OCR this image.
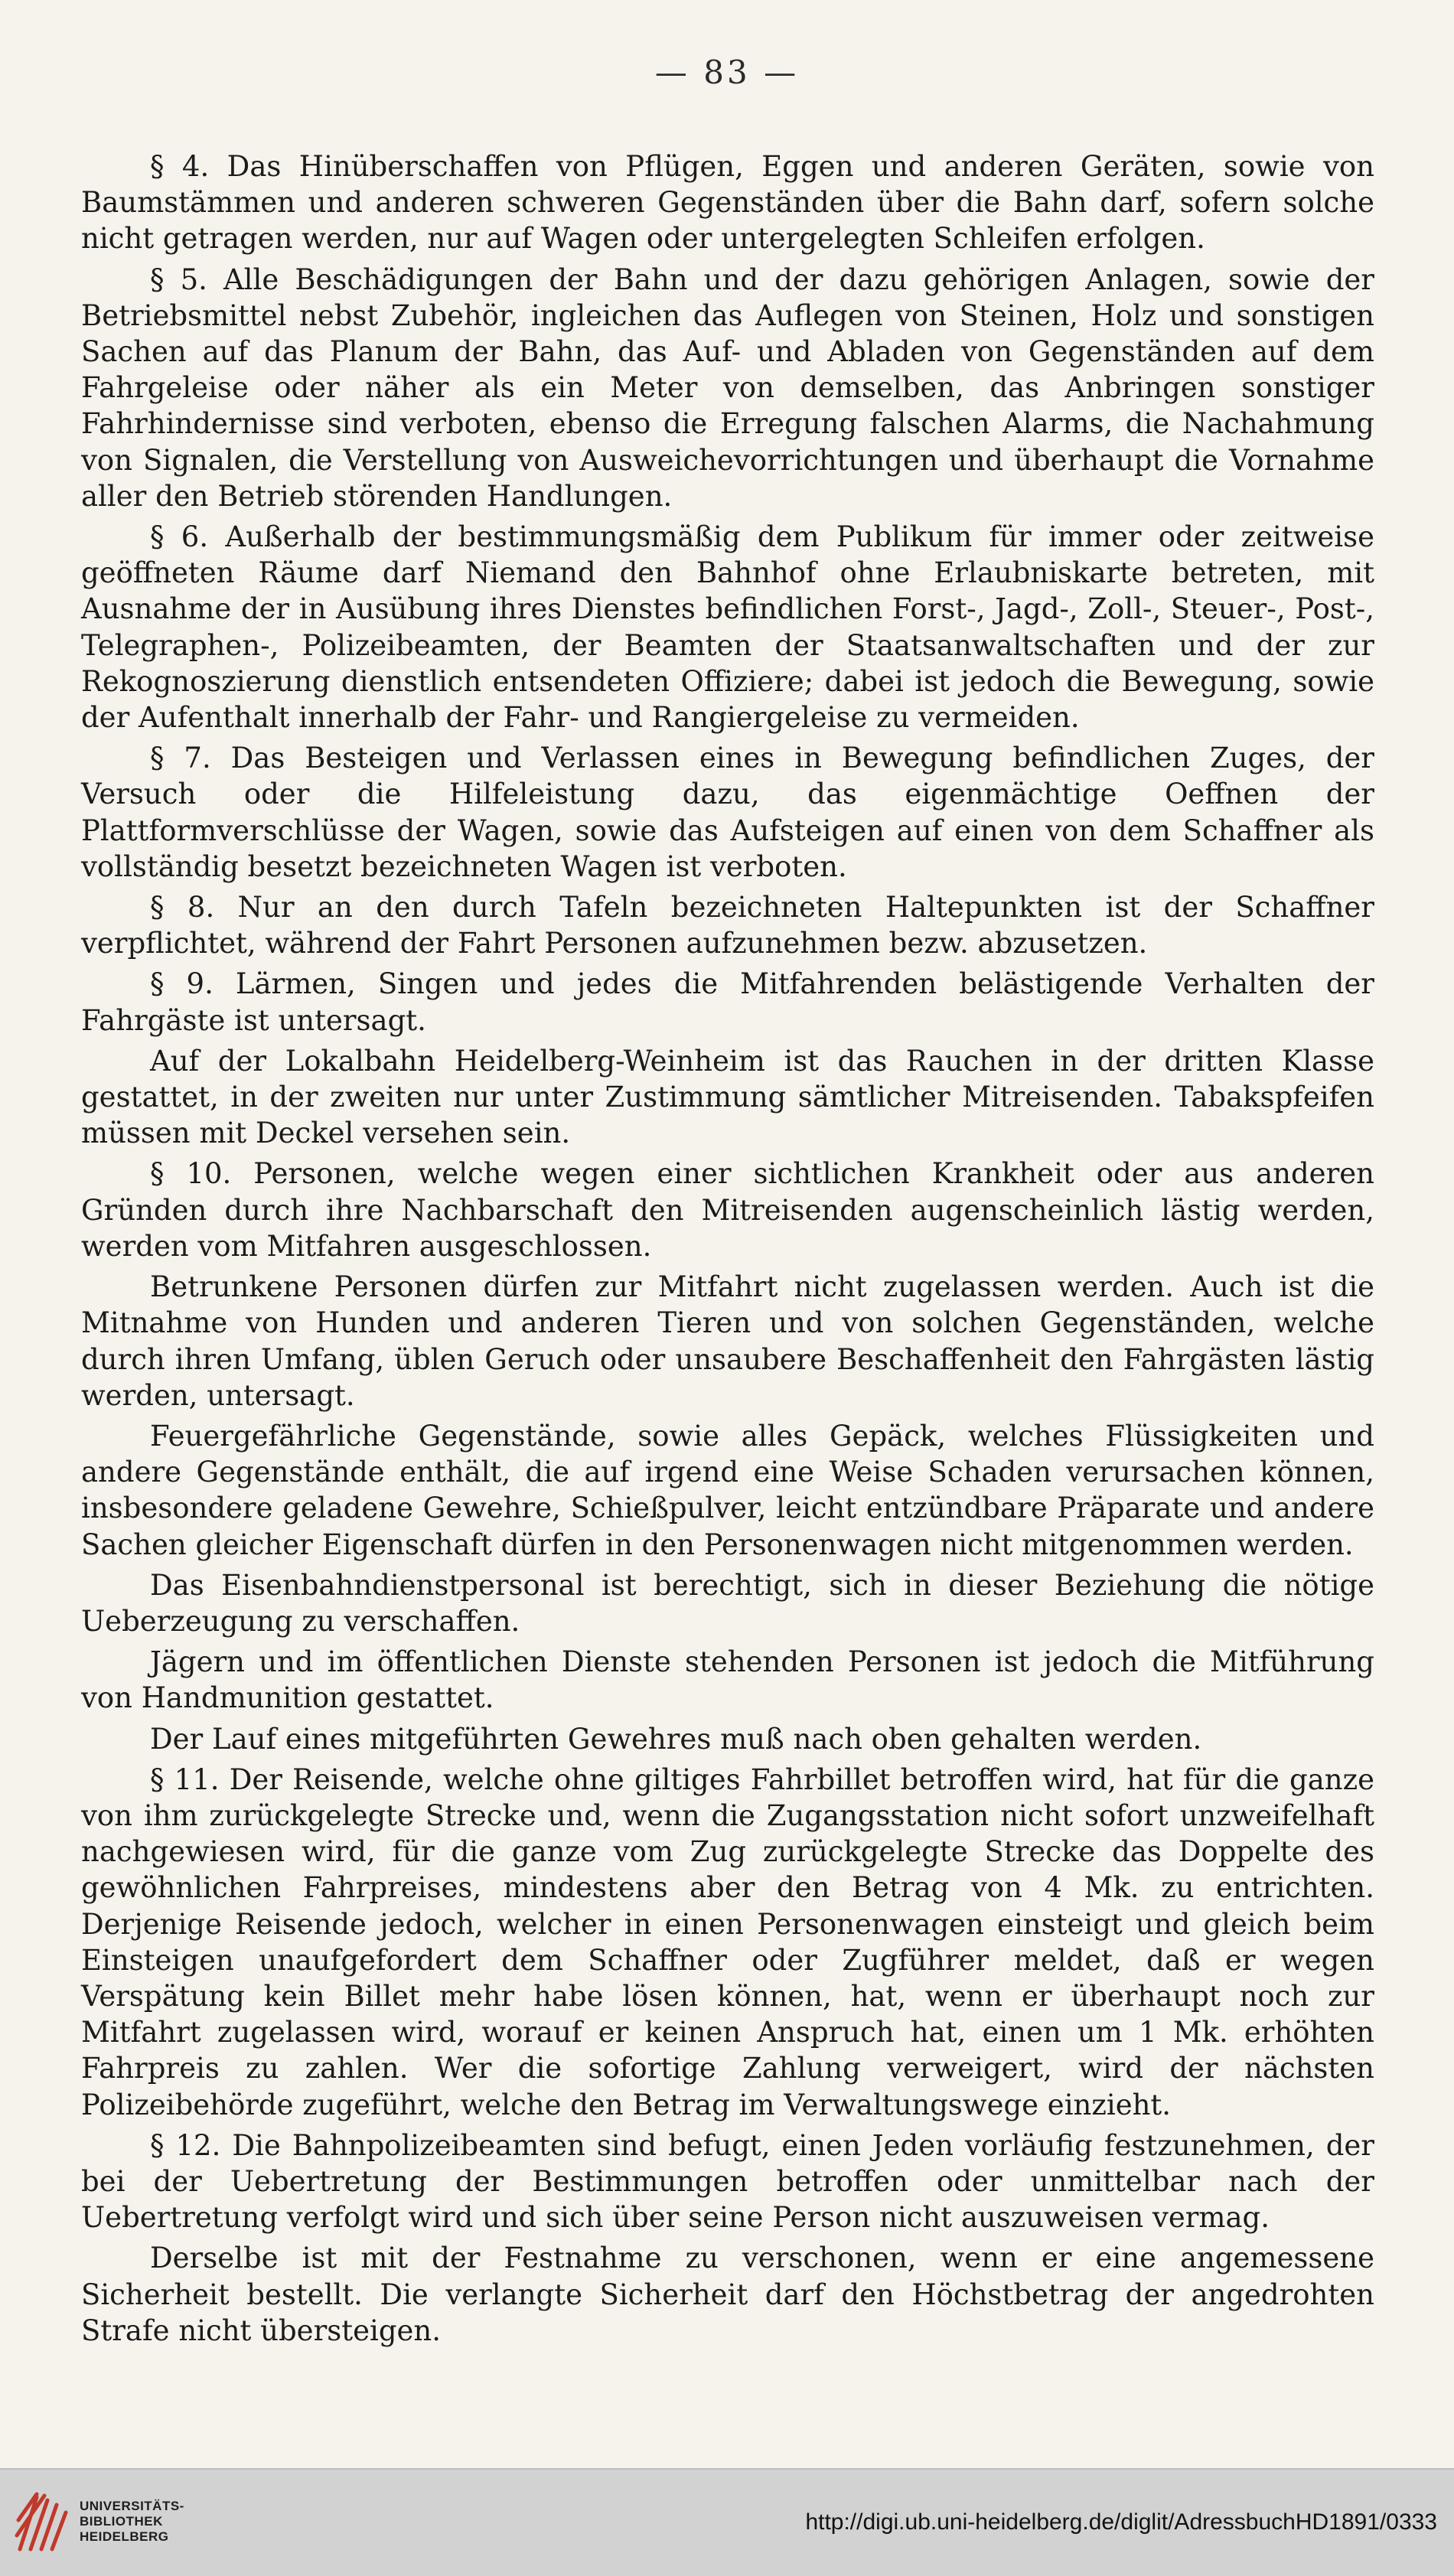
— 83 —

§ 4. Das Hinüberschaffen von Pflügen, Eggen und anderen Geräten, sowie von Baumstämmen und anderen schweren Gegenständen über die Bahn darf, sofern solche nicht getragen werden, nur auf Wagen oder untergelegten Schleifen erfolgen.

§ 5. Alle Beschädigungen der Bahn und der dazu gehörigen Anlagen, sowie der Betriebsmittel nebst Zubehör, ingleichen das Auflegen von Steinen, Holz und sonstigen Sachen auf das Planum der Bahn, das Auf- und Abladen von Gegenständen auf dem Fahrgeleise oder näher als ein Meter von demselben, das Anbringen sonstiger Fahrhindernisse sind verboten, ebenso die Erregung falschen Alarms, die Nachahmung von Signalen, die Verstellung von Ausweichevorrichtungen und überhaupt die Vornahme aller den Betrieb störenden Handlungen.

§ 6. Außerhalb der bestimmungsmäßig dem Publikum für immer oder zeitweise geöffneten Räume darf Niemand den Bahnhof ohne Erlaubniskarte betreten, mit Ausnahme der in Ausübung ihres Dienstes befindlichen Forst-, Jagd-, Zoll-, Steuer-, Post-, Telegraphen-, Polizeibeamten, der Beamten der Staatsanwaltschaften und der zur Rekognoszierung dienstlich entsendeten Offiziere; dabei ist jedoch die Bewegung, sowie der Aufenthalt innerhalb der Fahr- und Rangiergeleise zu vermeiden.

§ 7. Das Besteigen und Verlassen eines in Bewegung befindlichen Zuges, der Versuch oder die Hilfeleistung dazu, das eigenmächtige Oeffnen der Plattformverschlüsse der Wagen, sowie das Aufsteigen auf einen von dem Schaffner als vollständig besetzt bezeichneten Wagen ist verboten.

§ 8. Nur an den durch Tafeln bezeichneten Haltepunkten ist der Schaffner verpflichtet, während der Fahrt Personen aufzunehmen bezw. abzusetzen.

§ 9. Lärmen, Singen und jedes die Mitfahrenden belästigende Verhalten der Fahrgäste ist untersagt.

Auf der Lokalbahn Heidelberg-Weinheim ist das Rauchen in der dritten Klasse gestattet, in der zweiten nur unter Zustimmung sämtlicher Mitreisenden. Tabakspfeifen müssen mit Deckel versehen sein.

§ 10. Personen, welche wegen einer sichtlichen Krankheit oder aus anderen Gründen durch ihre Nachbarschaft den Mitreisenden augenscheinlich lästig werden, werden vom Mitfahren ausgeschlossen.

Betrunkene Personen dürfen zur Mitfahrt nicht zugelassen werden. Auch ist die Mitnahme von Hunden und anderen Tieren und von solchen Gegenständen, welche durch ihren Umfang, üblen Geruch oder unsaubere Beschaffenheit den Fahrgästen lästig werden, untersagt.

Feuergefährliche Gegenstände, sowie alles Gepäck, welches Flüssigkeiten und andere Gegenstände enthält, die auf irgend eine Weise Schaden verursachen können, insbesondere geladene Gewehre, Schießpulver, leicht entzündbare Präparate und andere Sachen gleicher Eigenschaft dürfen in den Personenwagen nicht mitgenommen werden.

Das Eisenbahndienstpersonal ist berechtigt, sich in dieser Beziehung die nötige Ueberzeugung zu verschaffen.

Jägern und im öffentlichen Dienste stehenden Personen ist jedoch die Mitführung von Handmunition gestattet.

Der Lauf eines mitgeführten Gewehres muß nach oben gehalten werden.

§ 11. Der Reisende, welche ohne giltiges Fahrbillet betroffen wird, hat für die ganze von ihm zurückgelegte Strecke und, wenn die Zugangsstation nicht sofort unzweifelhaft nachgewiesen wird, für die ganze vom Zug zurückgelegte Strecke das Doppelte des gewöhnlichen Fahrpreises, mindestens aber den Betrag von 4 Mk. zu entrichten. Derjenige Reisende jedoch, welcher in einen Personenwagen einsteigt und gleich beim Einsteigen unaufgefordert dem Schaffner oder Zugführer meldet, daß er wegen Verspätung kein Billet mehr habe lösen können, hat, wenn er überhaupt noch zur Mitfahrt zugelassen wird, worauf er keinen Anspruch hat, einen um 1 Mk. erhöhten Fahrpreis zu zahlen. Wer die sofortige Zahlung verweigert, wird der nächsten Polizeibehörde zugeführt, welche den Betrag im Verwaltungswege einzieht.

§ 12. Die Bahnpolizeibeamten sind befugt, einen Jeden vorläufig festzunehmen, der bei der Uebertretung der Bestimmungen betroffen oder unmittelbar nach der Uebertretung verfolgt wird und sich über seine Person nicht auszuweisen vermag.

Derselbe ist mit der Festnahme zu verschonen, wenn er eine angemessene Sicherheit bestellt. Die verlangte Sicherheit darf den Höchstbetrag der angedrohten Strafe nicht übersteigen.

UNIVERSITÄTS-
BIBLIOTHEK
HEIDELBERG
http://digi.ub.uni-heidelberg.de/diglit/AdressbuchHD1891/0333
